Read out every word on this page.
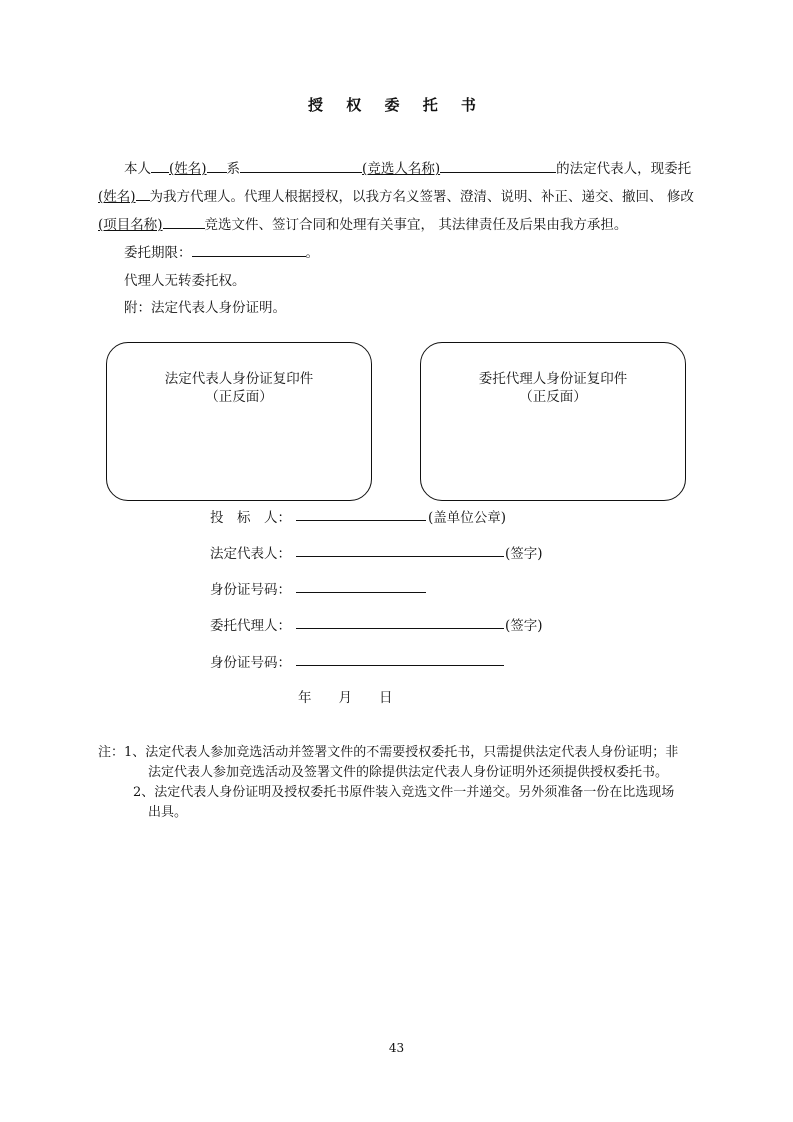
授 权 委 托 书
本人 (姓名) 系	(竞选人名称)	的法定代表人，现委托
(姓名) 为我方代理人。代理人根据授权，以我方名义签署、澄清、说明、补正、递交、撤回、 修改
(项目名称)	竞选文件、签订合同和处理有关事宜， 其法律责任及后果由我方承担。
委托期限：	。
代理人无转委托权。
附：法定代表人身份证明。
法定代表人身份证复印件
（正反面）
委托代理人身份证复印件
（正反面）
投　标　人：	(盖单位公章)
法定代表人：	(签字)
身份证号码：
委托代理人：	(签字)
身份证号码：
年　　月　　日
注： 1、法定代表人参加竞选活动并签署文件的不需要授权委托书，只需提供法定代表人身份证明；非
法定代表人参加竞选活动及签署文件的除提供法定代表人身份证明外还须提供授权委托书。
2、法定代表人身份证明及授权委托书原件装入竞选文件一并递交。另外须准备一份在比选现场
出具。
43
